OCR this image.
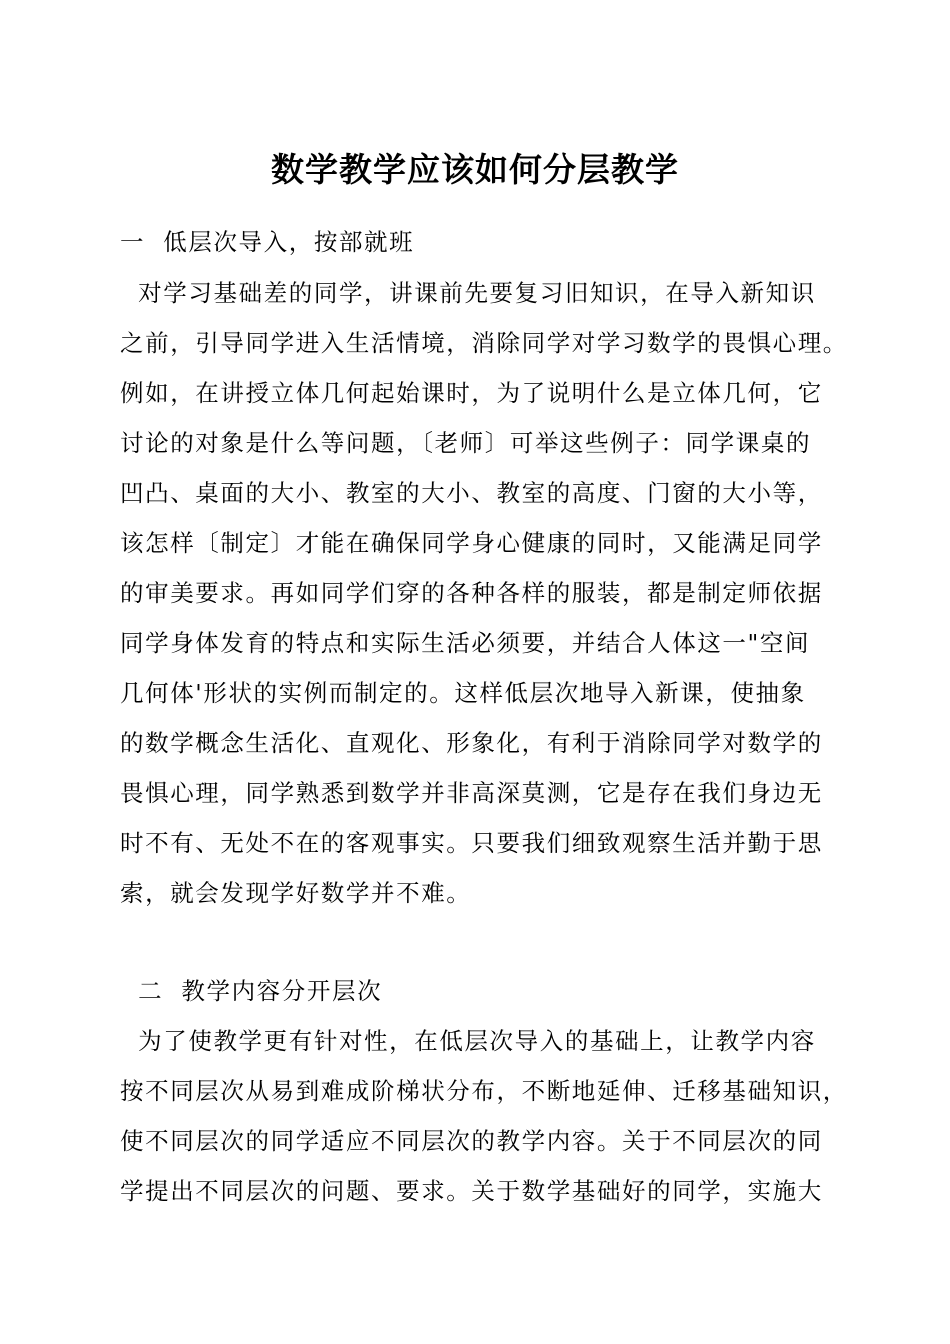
数学教学应该如何分层教学
一  低层次导入，按部就班
对学习基础差的同学，讲课前先要复习旧知识，在导入新知识
之前，引导同学进入生活情境，消除同学对学习数学的畏惧心理。
例如，在讲授立体几何起始课时，为了说明什么是立体几何，它
讨论的对象是什么等问题，〔老师〕可举这些例子：同学课桌的
凹凸、桌面的大小、教室的大小、教室的高度、门窗的大小等，
该怎样〔制定〕才能在确保同学身心健康的同时，又能满足同学
的审美要求。再如同学们穿的各种各样的服装，都是制定师依据
同学身体发育的特点和实际生活必须要，并结合人体这一"空间
几何体'形状的实例而制定的。这样低层次地导入新课，使抽象
的数学概念生活化、直观化、形象化，有利于消除同学对数学的
畏惧心理，同学熟悉到数学并非高深莫测，它是存在我们身边无
时不有、无处不在的客观事实。只要我们细致观察生活并勤于思
索，就会发现学好数学并不难。
二  教学内容分开层次
为了使教学更有针对性，在低层次导入的基础上，让教学内容
按不同层次从易到难成阶梯状分布，不断地延伸、迁移基础知识，
使不同层次的同学适应不同层次的教学内容。关于不同层次的同
学提出不同层次的问题、要求。关于数学基础好的同学，实施大
